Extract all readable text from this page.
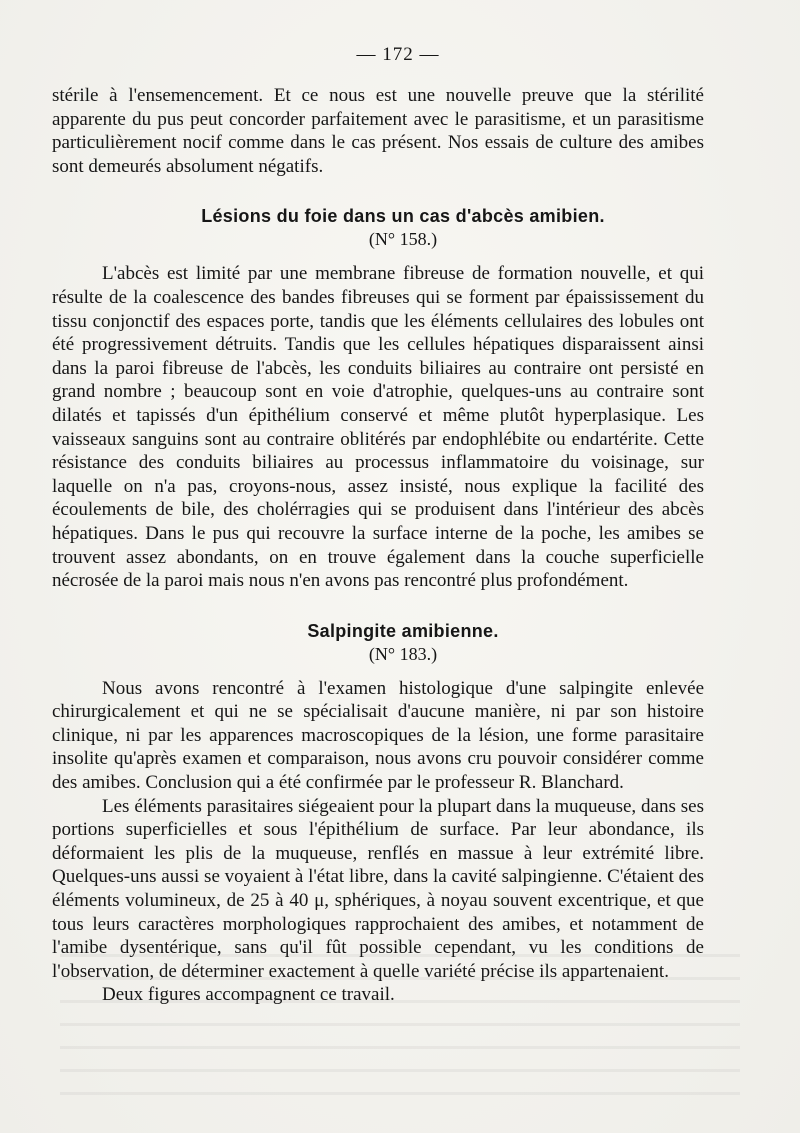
— 172 —

stérile à l'ensemencement. Et ce nous est une nouvelle preuve que la stérilité apparente du pus peut concorder parfaitement avec le parasitisme, et un parasitisme particulièrement nocif comme dans le cas présent. Nos essais de culture des amibes sont demeurés absolument négatifs.

Lésions du foie dans un cas d'abcès amibien.
(N° 158.)

L'abcès est limité par une membrane fibreuse de formation nouvelle, et qui résulte de la coalescence des bandes fibreuses qui se forment par épaississement du tissu conjonctif des espaces porte, tandis que les éléments cellulaires des lobules ont été progressivement détruits. Tandis que les cellules hépatiques disparaissent ainsi dans la paroi fibreuse de l'abcès, les conduits biliaires au contraire ont persisté en grand nombre ; beaucoup sont en voie d'atrophie, quelques-uns au contraire sont dilatés et tapissés d'un épithélium conservé et même plutôt hyperplasique. Les vaisseaux sanguins sont au contraire oblitérés par endophlébite ou endartérite. Cette résistance des conduits biliaires au processus inflammatoire du voisinage, sur laquelle on n'a pas, croyons-nous, assez insisté, nous explique la facilité des écoulements de bile, des cholérragies qui se produisent dans l'intérieur des abcès hépatiques. Dans le pus qui recouvre la surface interne de la poche, les amibes se trouvent assez abondants, on en trouve également dans la couche superficielle nécrosée de la paroi mais nous n'en avons pas rencontré plus profondément.

Salpingite amibienne.
(N° 183.)

Nous avons rencontré à l'examen histologique d'une salpingite enlevée chirurgicalement et qui ne se spécialisait d'aucune manière, ni par son histoire clinique, ni par les apparences macroscopiques de la lésion, une forme parasitaire insolite qu'après examen et comparaison, nous avons cru pouvoir considérer comme des amibes. Conclusion qui a été confirmée par le professeur R. Blanchard.

Les éléments parasitaires siégeaient pour la plupart dans la muqueuse, dans ses portions superficielles et sous l'épithélium de surface. Par leur abondance, ils déformaient les plis de la muqueuse, renflés en massue à leur extrémité libre. Quelques-uns aussi se voyaient à l'état libre, dans la cavité salpingienne. C'étaient des éléments volumineux, de 25 à 40 μ, sphériques, à noyau souvent excentrique, et que tous leurs caractères morphologiques rapprochaient des amibes, et notamment de l'amibe dysentérique, sans qu'il fût possible cependant, vu les conditions de l'observation, de déterminer exactement à quelle variété précise ils appartenaient.

Deux figures accompagnent ce travail.
